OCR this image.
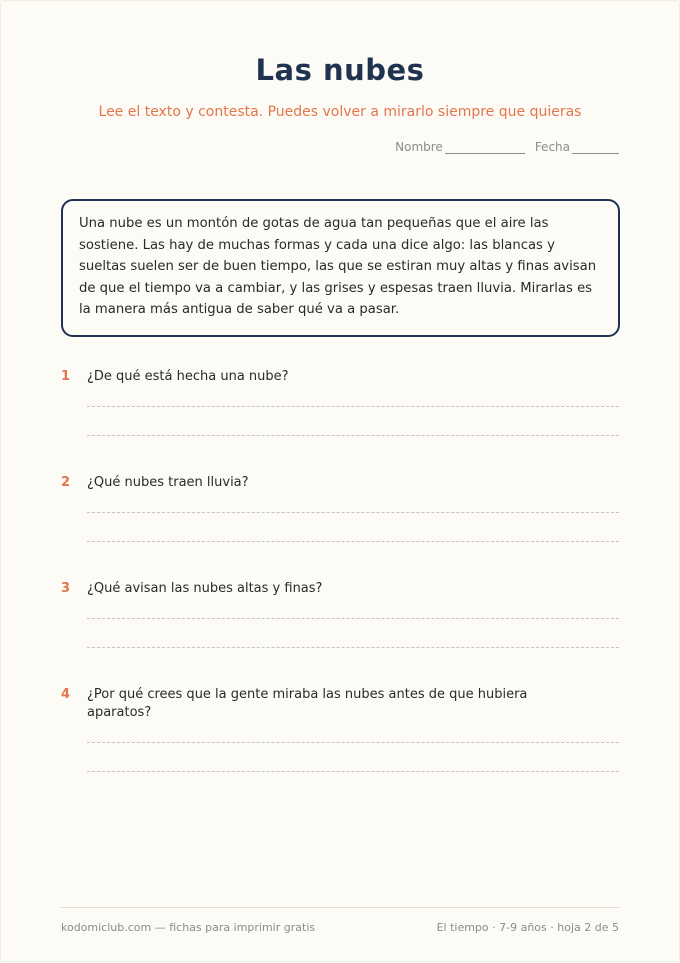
Las nubes
Lee el texto y contesta. Puedes volver a mirarlo siempre que quieras
Nombre	Fecha
Una nube es un montón de gotas de agua tan pequeñas que el aire las sostiene. Las hay de muchas formas y cada una dice algo: las blancas y sueltas suelen ser de buen tiempo, las que se estiran muy altas y finas avisan de que el tiempo va a cambiar, y las grises y espesas traen lluvia. Mirarlas es la manera más antigua de saber qué va a pasar.
1	¿De qué está hecha una nube?
2	¿Qué nubes traen lluvia?
3	¿Qué avisan las nubes altas y finas?
4	¿Por qué crees que la gente miraba las nubes antes de que hubiera aparatos?
kodomiclub.com — fichas para imprimir gratis	El tiempo · 7-9 años · hoja 2 de 5
